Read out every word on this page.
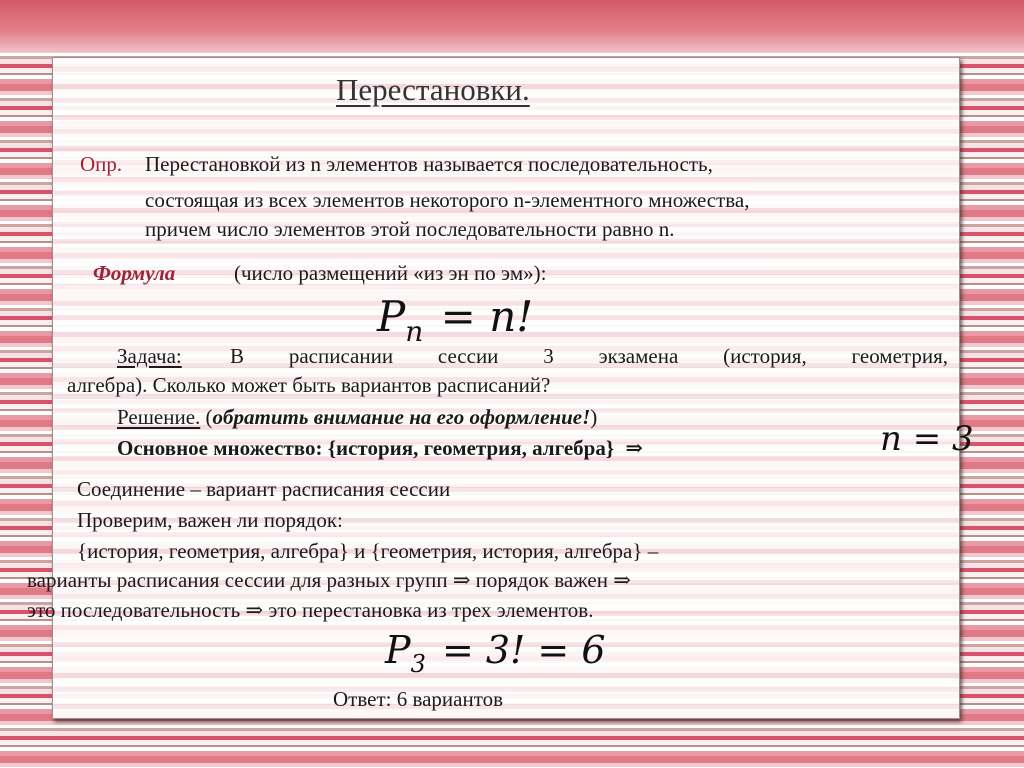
Перестановки.
Опр. Перестановкой из n элементов называется последовательность,
состоящая из всех элементов некоторого n-элементного множества,
причем число элементов этой последовательности равно n.
Формула	(число размещений «из эн по эм»):
$P_n = n$!
Задача: В расписании сессии 3 экзамена (история, геометрия,
алгебра). Сколько может быть вариантов расписаний?
Решение. (обратить внимание на его оформление!)
Основное множество: {история, геометрия, алгебра} ⇒	n = 3
Соединение – вариант расписания сессии
Проверим, важен ли порядок:
{история, геометрия, алгебра} и {геометрия, история, алгебра} –
варианты расписания сессии для разных групп ⇒ порядок важен ⇒
это последовательность ⇒ это перестановка из трех элементов.
$P_3 = 3$! = 6
Ответ: 6 вариантов
